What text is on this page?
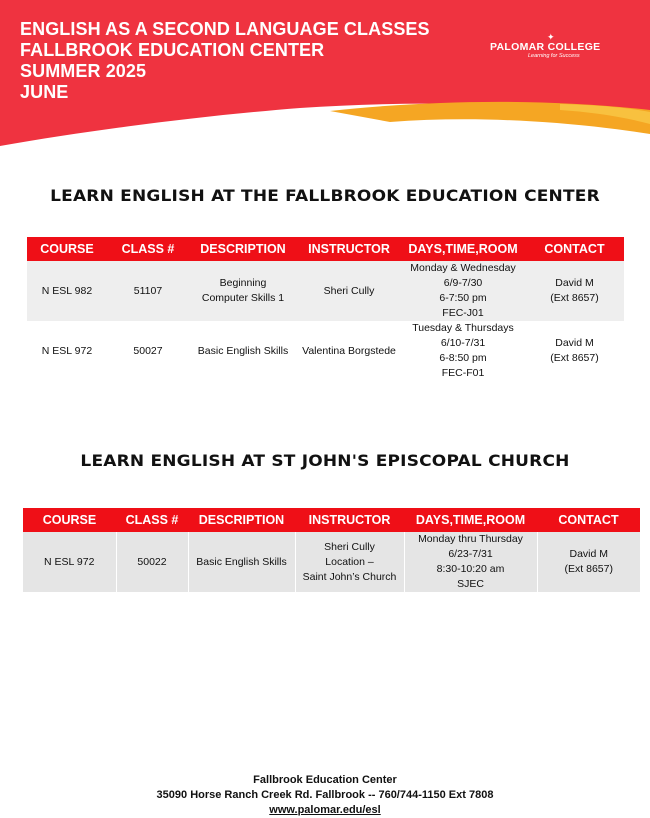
ENGLISH AS A SECOND LANGUAGE CLASSES
FALLBROOK EDUCATION CENTER
SUMMER 2025
JUNE
✦
PALOMAR COLLEGE
Learning for Success
LEARN ENGLISH AT THE FALLBROOK EDUCATION CENTER
COURSE	CLASS #	DESCRIPTION	INSTRUCTOR	DAYS,TIME,ROOM	CONTACT
N ESL 982	51107	Beginning
Computer Skills 1	Sheri Cully	Monday & Wednesday
6/9-7/30
6-7:50 pm
FEC-J01	David M
(Ext 8657)

N ESL 972	50027	Basic English Skills	Valentina Borgstede	Tuesday & Thursdays
6/10-7/31
6-8:50 pm
FEC-F01	David M
(Ext 8657)
LEARN ENGLISH AT ST JOHN'S EPISCOPAL CHURCH
COURSE	CLASS #	DESCRIPTION	INSTRUCTOR	DAYS,TIME,ROOM	CONTACT
N ESL 972	50022	Basic English Skills	Sheri Cully
Location –
Saint John’s Church	Monday thru Thursday
6/23-7/31
8:30-10:20 am
SJEC	David M
(Ext 8657)
Fallbrook Education Center
35090 Horse Ranch Creek Rd. Fallbrook -- 760/744-1150 Ext 7808
www.palomar.edu/esl
